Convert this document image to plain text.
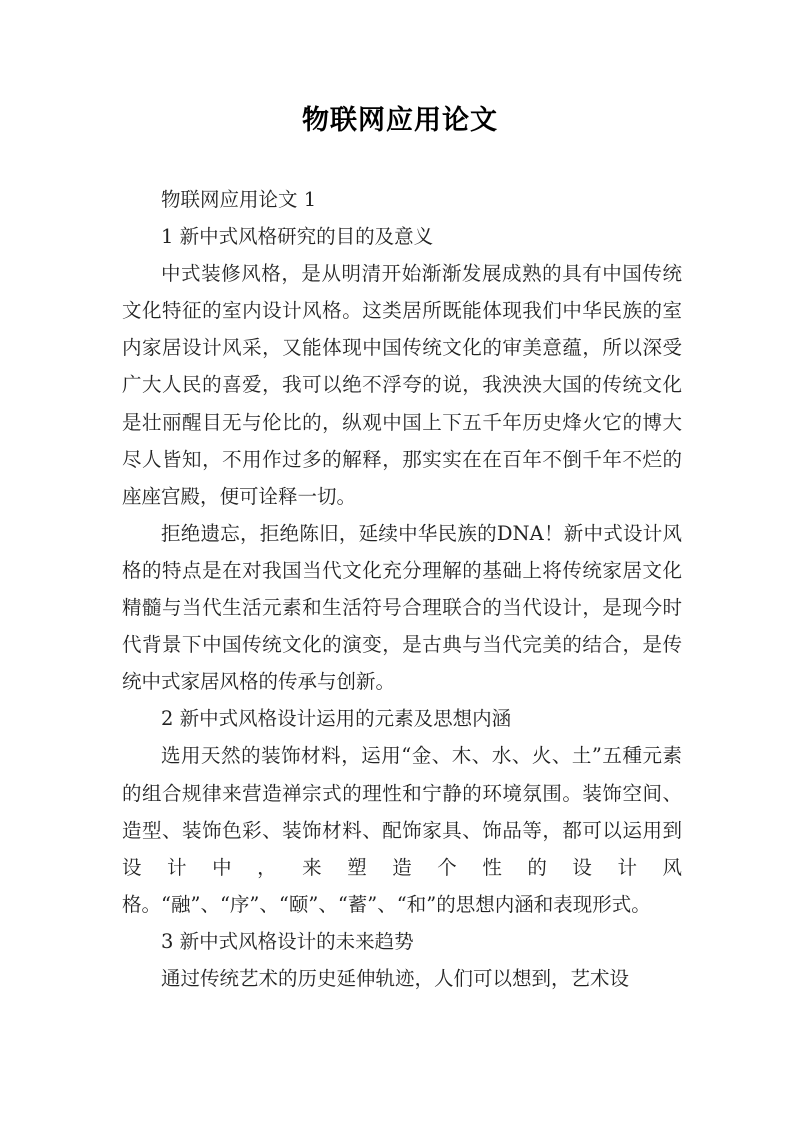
物联网应用论文

物联网应用论文 1

1 新中式风格研究的目的及意义

中式装修风格，是从明清开始渐渐发展成熟的具有中国传统文化特征的室内设计风格。这类居所既能体现我们中华民族的室内家居设计风采，又能体现中国传统文化的审美意蕴，所以深受广大人民的喜爱，我可以绝不浮夸的说，我泱泱大国的传统文化是壮丽醒目无与伦比的，纵观中国上下五千年历史烽火它的博大尽人皆知，不用作过多的解释，那实实在在百年不倒千年不烂的座座宫殿，便可诠释一切。

拒绝遗忘，拒绝陈旧，延续中华民族的DNA！新中式设计风格的特点是在对我国当代文化充分理解的基础上将传统家居文化精髓与当代生活元素和生活符号合理联合的当代设计，是现今时代背景下中国传统文化的演变，是古典与当代完美的结合，是传统中式家居风格的传承与创新。

2 新中式风格设计运用的元素及思想内涵

选用天然的装饰材料，运用“金、木、水、火、土”五種元素的组合规律来营造禅宗式的理性和宁静的环境氛围。装饰空间、造型、装饰色彩、装饰材料、配饰家具、饰品等，都可以运用到设计中，来塑造个性的设计风格。“融”、“序”、“颐”、“蓄”、“和”的思想内涵和表现形式。

3 新中式风格设计的未来趋势

通过传统艺术的历史延伸轨迹，人们可以想到，艺术设
